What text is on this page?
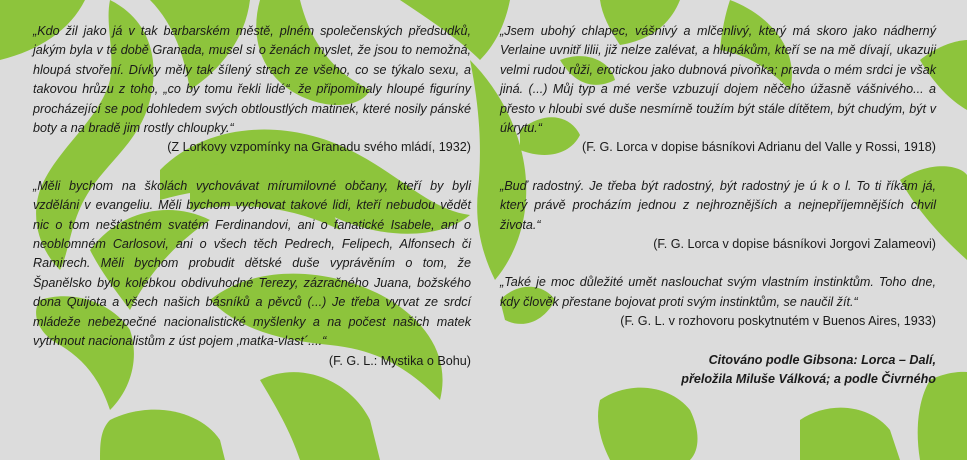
„Kdo žil jako já v tak barbarském městě, plném společenských předsudků, jakým byla v té době Granada, musel si o ženách myslet, že jsou to nemožná, hloupá stvoření. Dívky měly tak šílený strach ze všeho, co se týkalo sexu, a takovou hrůzu z toho, „co by tomu řekli lidé“, že připomínaly hloupé figuríny procházející se pod dohledem svých obtloustlých matinek, které nosily pánské boty a na bradě jim rostly chloupky.“

(Z Lorkovy vzpomínky na Granadu svého mládí, 1932)

„Měli bychom na školách vychovávat mírumilovné občany, kteří by byli vzděláni v evangeliu. Měli bychom vychovat takové lidi, kteří nebudou vědět nic o tom nešťastném svatém Ferdinandovi, ani o fanatické Isabele, ani o neoblomném Carlosovi, ani o všech těch Pedrech, Felipech, Alfonsech či Ramirech. Měli bychom probudit dětské duše vyprávěním o tom, že Španělsko bylo kolébkou obdivuhodné Terezy, zázračného Juana, božského dona Quijota a všech našich básníků a pěvců (...) Je třeba vyrvat ze srdcí mládeže nebezpečné nacionalistické myšlenky a na počest našich matek vytrhnout nacionalistům z úst pojem ‚matka-vlast´....“

(F. G. L.: Mystika o Bohu)

„Jsem ubohý chlapec, vášnivý a mlčenlivý, který má skoro jako nádherný Verlaine uvnitř lilii, již nelze zalévat, a hlupákům, kteří se na mě dívají, ukazuji velmi rudou růži, erotickou jako dubnová pivoňka; pravda o mém srdci je však jiná. (...) Můj typ a mé verše vzbuzují dojem něčeho úžasně vášnivého... a přesto v hloubi své duše nesmírně toužím být stále dítětem, být chudým, být v úkrytu.“

(F. G. Lorca v dopise básníkovi Adrianu del Valle y Rossi, 1918)

„Buď radostný. Je třeba být radostný, být radostný je ú k o l. To ti říkám já, který právě procházím jednou z nejhroznějších a nejnepříjemnějších chvil života.“

(F. G. Lorca v dopise básníkovi Jorgovi Zalameovi)

„Také je moc důležité umět naslouchat svým vlastním instinktům. Toho dne, kdy člověk přestane bojovat proti svým instinktům, se naučil žít.“

(F. G. L. v rozhovoru poskytnutém v Buenos Aires, 1933)

Citováno podle Gibsona: Lorca – Dalí,
přeložila Miluše Válková; a podle Čivrného
